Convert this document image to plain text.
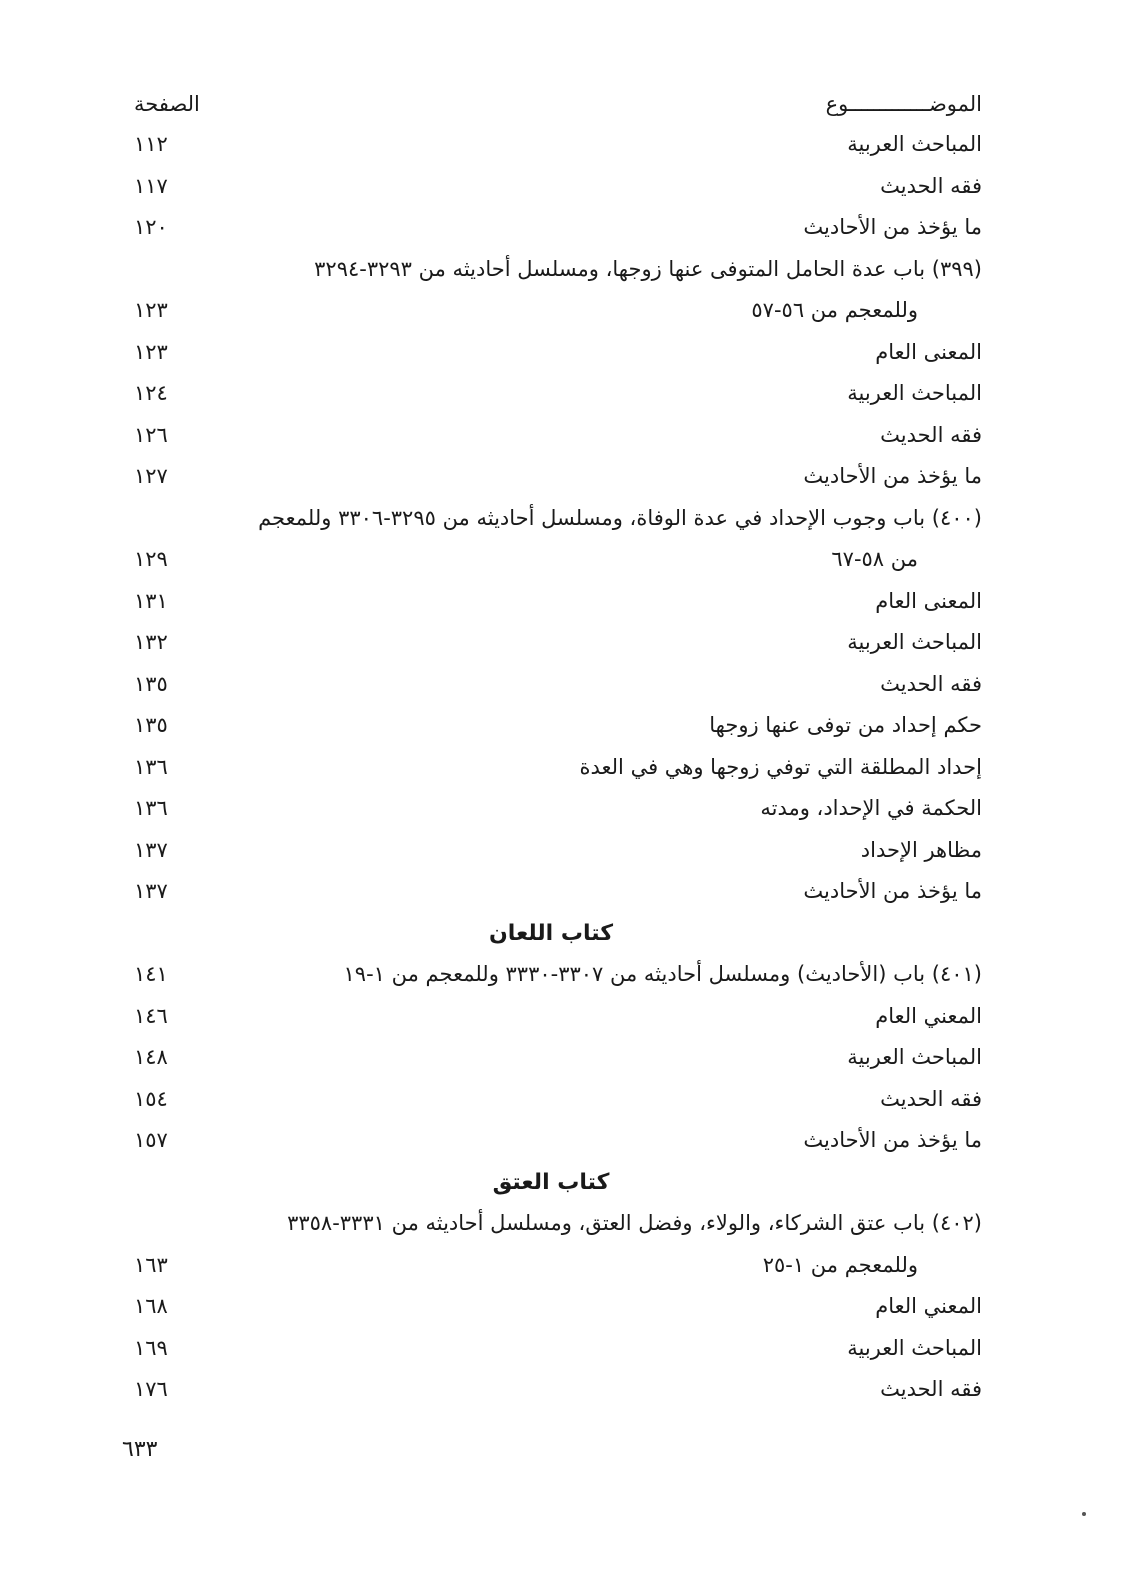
الموضـــــــــــــوع
الصفحة
المباحث العربية
١١٢
فقه الحديث
١١٧
ما يؤخذ من الأحاديث
١٢٠
(٣٩٩) باب عدة الحامل المتوفى عنها زوجها، ومسلسل أحاديثه من ٣٢٩٣-٣٢٩٤
وللمعجم من ٥٦-٥٧
١٢٣
المعنى العام
١٢٣
المباحث العربية
١٢٤
فقه الحديث
١٢٦
ما يؤخذ من الأحاديث
١٢٧
(٤٠٠) باب وجوب الإحداد في عدة الوفاة، ومسلسل أحاديثه من ٣٢٩٥-٣٣٠٦ وللمعجم
من ٥٨-٦٧
١٢٩
المعنى العام
١٣١
المباحث العربية
١٣٢
فقه الحديث
١٣٥
حكم إحداد من توفى عنها زوجها
١٣٥
إحداد المطلقة التي توفي زوجها وهي في العدة
١٣٦
الحكمة في الإحداد، ومدته
١٣٦
مظاهر الإحداد
١٣٧
ما يؤخذ من الأحاديث
١٣٧
كتاب اللعان
(٤٠١) باب (الأحاديث) ومسلسل أحاديثه من ٣٣٠٧-٣٣٣٠ وللمعجم من ١-١٩
١٤١
المعني العام
١٤٦
المباحث العربية
١٤٨
فقه الحديث
١٥٤
ما يؤخذ من الأحاديث
١٥٧
كتاب العتق
(٤٠٢) باب عتق الشركاء، والولاء، وفضل العتق، ومسلسل أحاديثه من ٣٣٣١-٣٣٥٨
وللمعجم من ١-٢٥
١٦٣
المعني العام
١٦٨
المباحث العربية
١٦٩
فقه الحديث
١٧٦
٦٣٣
